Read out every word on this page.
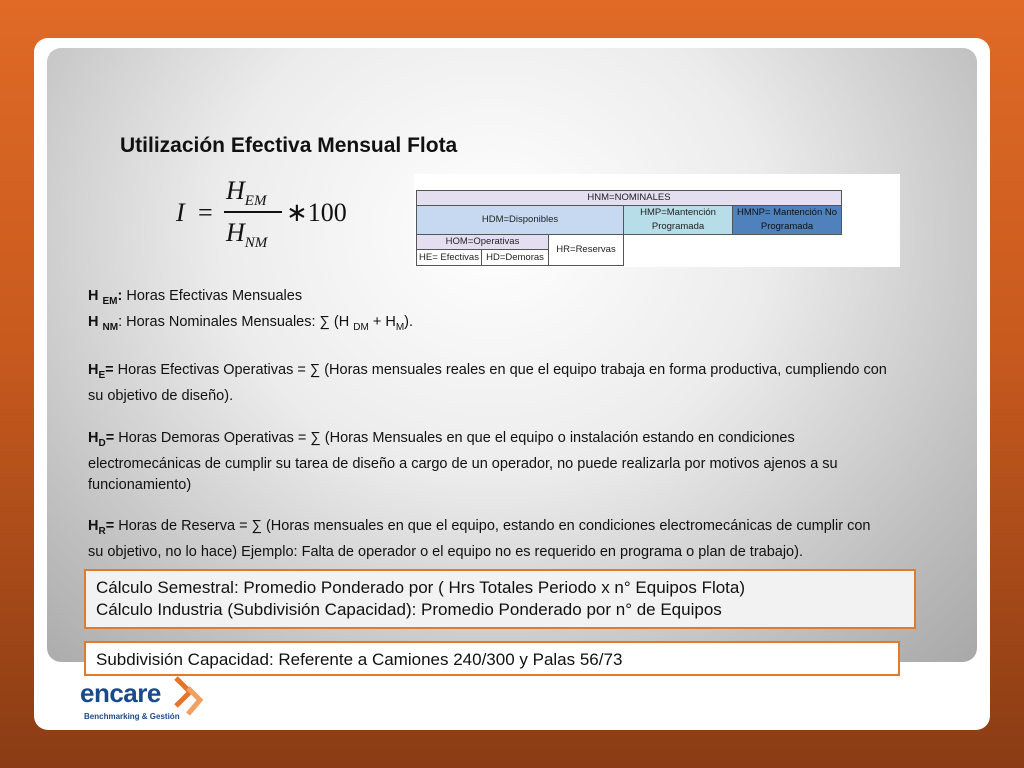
Utilización Efectiva Mensual Flota
I =
$H_{EM}$
$H_{NM}$
∗100
HNM=NOMINALES
HDM=Disponibles
HMP=Mantención Programada
HMNP= Mantención No Programada
HOM=Operativas
HR=Reservas
HE= Efectivas HD=Demoras

H $_{EM}$: Horas Efectivas Mensuales

H $_{NM}$: Horas Nominales Mensuales: ∑ (H $_{DM} + H_M$).

$H_E=$ Horas Efectivas Operativas = ∑ (Horas mensuales reales en que el equipo trabaja en forma productiva, cumpliendo con su objetivo de diseño).

$H_D=$ Horas Demoras Operativas = ∑ (Horas Mensuales en que el equipo o instalación estando en condiciones electromecánicas de cumplir su tarea de diseño a cargo de un operador, no puede realizarla por motivos ajenos a su funcionamiento)

$H_R=$ Horas de Reserva = ∑ (Horas mensuales en que el equipo, estando en condiciones electromecánicas de cumplir con su objetivo, no lo hace) Ejemplo: Falta de operador o el equipo no es requerido en programa o plan de trabajo).

Cálculo Semestral: Promedio Ponderado por ( Hrs Totales Periodo x n° Equipos Flota)
Cálculo Industria (Subdivisión Capacidad): Promedio Ponderado por n° de Equipos
Subdivisión Capacidad: Referente a Camiones 240/300 y Palas 56/73
encare
Benchmarking & Gestión
